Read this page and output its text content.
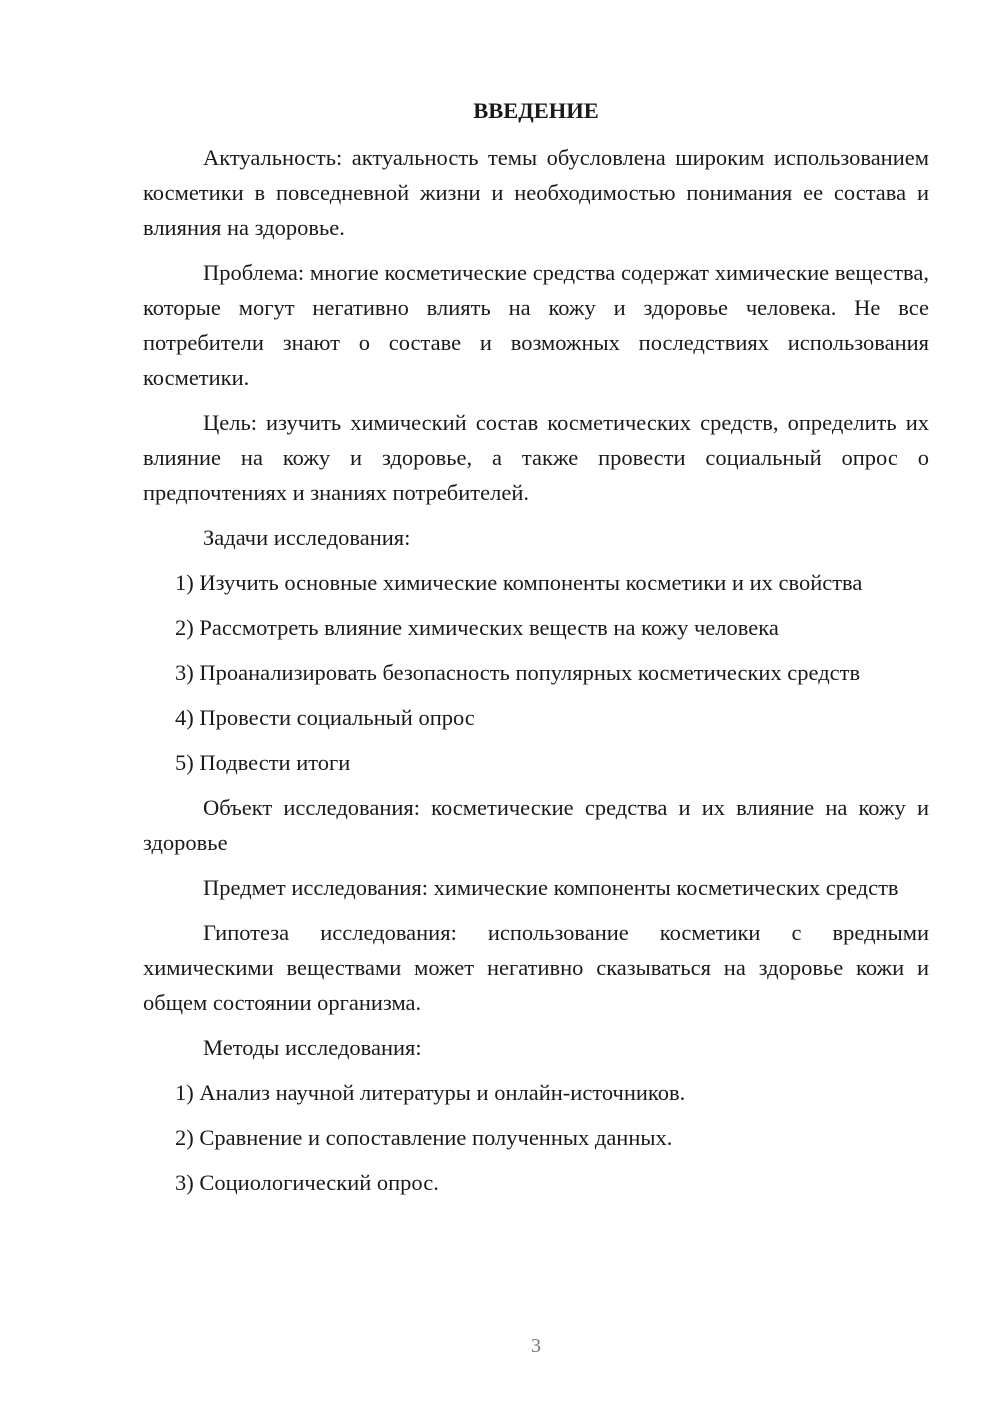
ВВЕДЕНИЕ

Актуальность: актуальность темы обусловлена широким использованием косметики в повседневной жизни и необходимостью понимания ее состава и влияния на здоровье.

Проблема: многие косметические средства содержат химические вещества, которые могут негативно влиять на кожу и здоровье человека. Не все потребители знают о составе и возможных последствиях использования косметики.

Цель: изучить химический состав косметических средств, определить их влияние на кожу и здоровье, а также провести социальный опрос о предпочтениях и знаниях потребителей.

Задачи исследования:

1) Изучить основные химические компоненты косметики и их свойства

2) Рассмотреть влияние химических веществ на кожу человека

3) Проанализировать безопасность популярных косметических средств

4) Провести социальный опрос

5) Подвести итоги

Объект исследования: косметические средства и их влияние на кожу и здоровье

Предмет исследования: химические компоненты косметических средств

Гипотеза исследования: использование косметики с вредными химическими веществами может негативно сказываться на здоровье кожи и общем состоянии организма.

Методы исследования:

1) Анализ научной литературы и онлайн-источников.

2) Сравнение и сопоставление полученных данных.

3) Социологический опрос.

3
